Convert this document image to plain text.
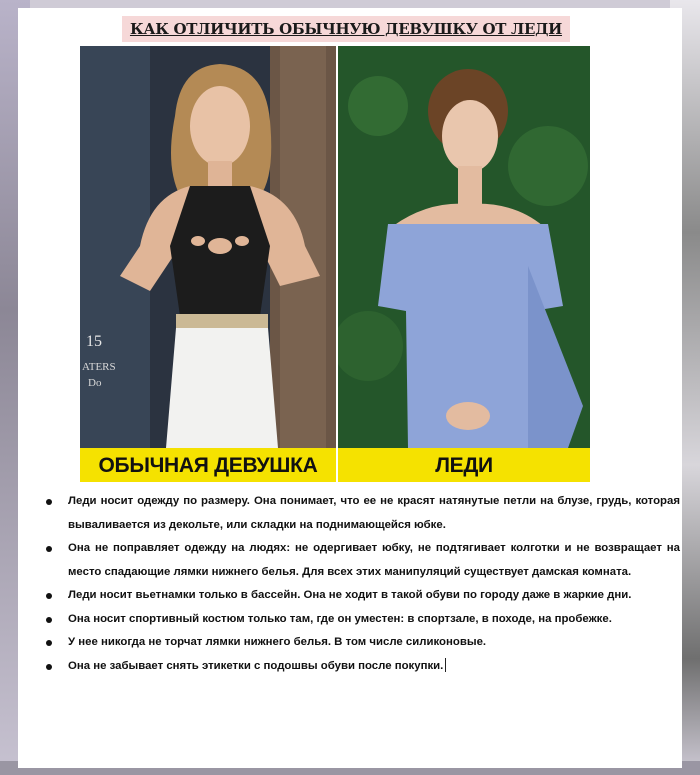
КАК ОТЛИЧИТЬ ОБЫЧНУЮ ДЕВУШКУ ОТ ЛЕДИ
15
ATERS
Do
ОБЫЧНАЯ ДЕВУШКА	ЛЕДИ
Леди носит одежду по размеру. Она понимает, что ее не красят натянутые петли на блузе, грудь, которая вываливается из декольте, или складки на поднимающейся юбке.
Она не поправляет одежду на людях: не одергивает юбку, не подтягивает колготки и не возвращает на место спадающие лямки нижнего белья. Для всех этих манипуляций существует дамская комната.
Леди носит вьетнамки только в бассейн. Она не ходит в такой обуви по городу даже в жаркие дни.
Она носит спортивный костюм только там, где он уместен: в спортзале, в походе, на пробежке.
У нее никогда не торчат лямки нижнего белья. В том числе силиконовые.
Она не забывает снять этикетки с подошвы обуви после покупки.
